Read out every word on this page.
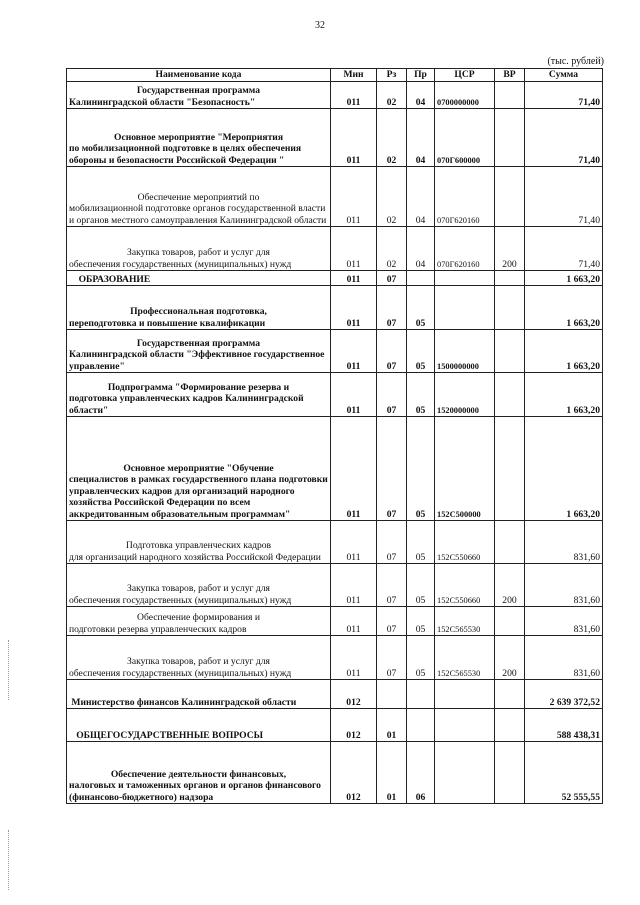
32
(тыс. рублей)
Наименование кода	Мин	Рз	Пр	ЦСР	ВР	Сумма

Государственная программа
Калининградской области "Безопасность"	011	02	04	0700000000		71,40

Основное мероприятие "Мероприятия
по мобилизационной подготовке в целях обеспечения обороны и безопасности Российской Федерации "	011	02	04	070Г600000		71,40

Обеспечение мероприятий по
мобилизационной подготовке органов государственной власти и органов местного самоуправления Калининградской области	011	02	04	070Г620160		71,40

Закупка товаров, работ и услуг для
обеспечения государственных (муниципальных) нужд	011	02	04	070Г620160	200	71,40
ОБРАЗОВАНИЕ	011	07				1 663,20

Профессиональная подготовка,
переподготовка и повышение квалификации	011	07	05			1 663,20

Государственная программа
Калининградской области "Эффективное государственное управление"	011	07	05	1500000000		1 663,20

Подпрограмма "Формирование резерва и
подготовка управленческих кадров Калининградской области"	011	07	05	1520000000		1 663,20

Основное мероприятие "Обучение
специалистов в рамках государственного плана подготовки управленческих кадров для организаций народного хозяйства Российской Федерации по всем аккредитованным образовательным программам"	011	07	05	152C500000		1 663,20

Подготовка управленческих кадров
для организаций народного хозяйства Российской Федерации	011	07	05	152C550660		831,60

Закупка товаров, работ и услуг для
обеспечения государственных (муниципальных) нужд	011	07	05	152C550660	200	831,60

Обеспечение формирования и
подготовки резерва управленческих кадров	011	07	05	152C565530		831,60

Закупка товаров, работ и услуг для
обеспечения государственных (муниципальных) нужд	011	07	05	152C565530	200	831,60
Министерство финансов Калининградской области	012					2 639 372,52
ОБЩЕГОСУДАРСТВЕННЫЕ ВОПРОСЫ	012	01				588 438,31

Обеспечение деятельности финансовых,
налоговых и таможенных органов и органов финансового (финансово-бюджетного) надзора	012	01	06			52 555,55
